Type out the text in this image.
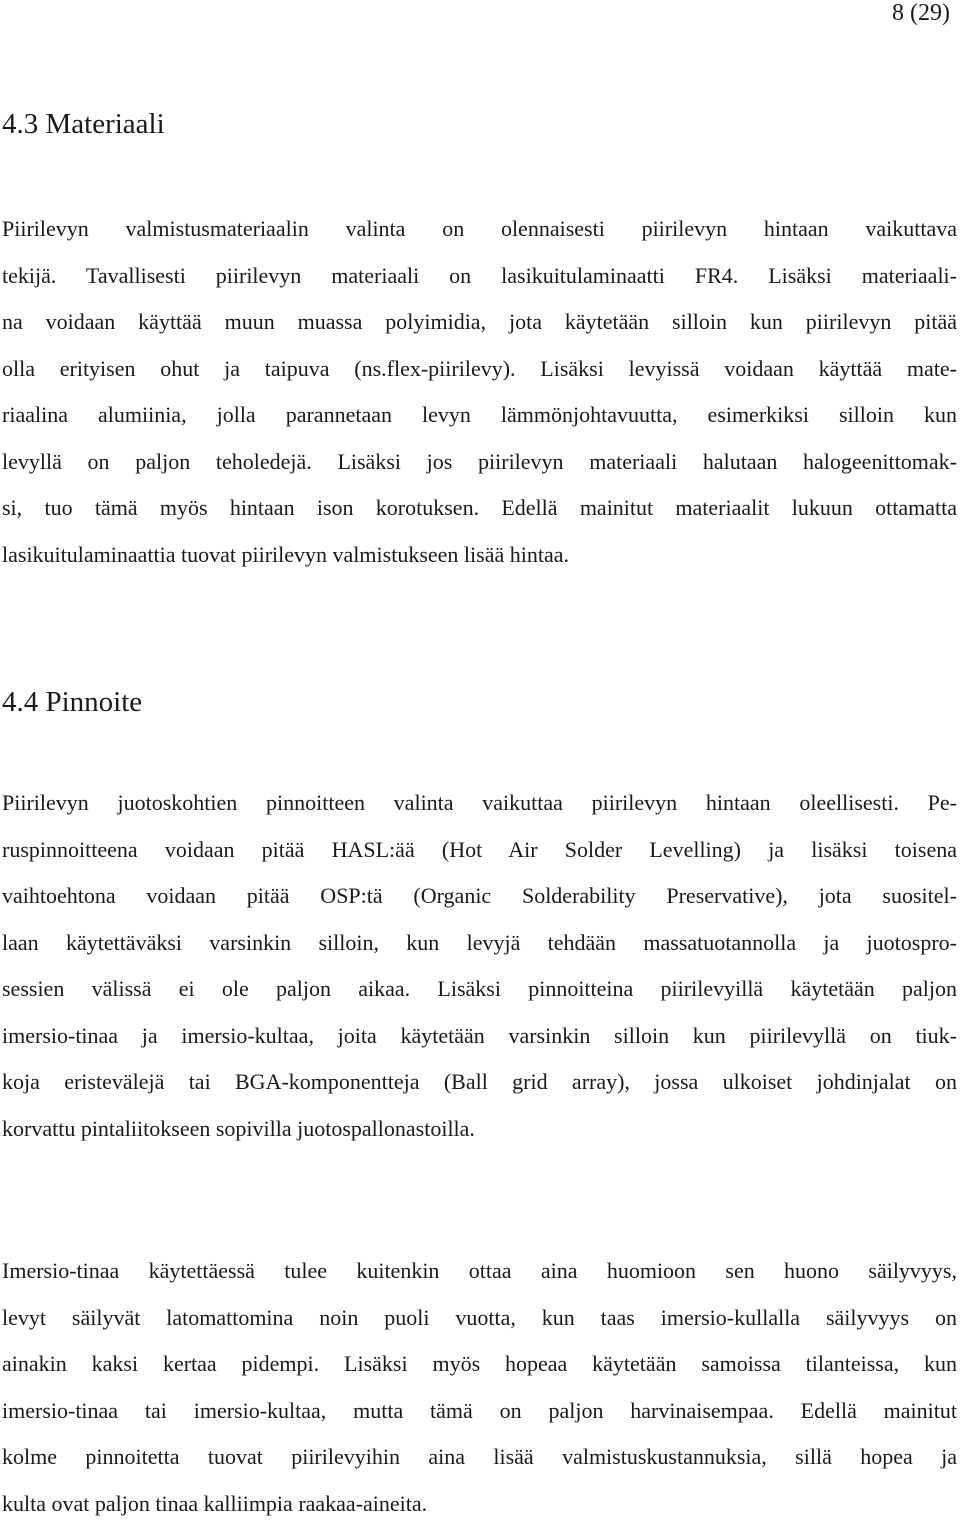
8 (29)
4.3 Materiaali
Piirilevyn valmistusmateriaalin valinta on olennaisesti piirilevyn hintaan vaikuttava
tekijä. Tavallisesti piirilevyn materiaali on lasikuitulaminaatti FR4. Lisäksi materiaali-
na voidaan käyttää muun muassa polyimidia, jota käytetään silloin kun piirilevyn pitää
olla erityisen ohut ja taipuva (ns.flex-piirilevy). Lisäksi levyissä voidaan käyttää mate-
riaalina alumiinia, jolla parannetaan levyn lämmönjohtavuutta, esimerkiksi silloin kun
levyllä on paljon teholedejä. Lisäksi jos piirilevyn materiaali halutaan halogeenittomak-
si, tuo tämä myös hintaan ison korotuksen. Edellä mainitut materiaalit lukuun ottamatta
lasikuitulaminaattia tuovat piirilevyn valmistukseen lisää hintaa.
4.4 Pinnoite
Piirilevyn juotoskohtien pinnoitteen valinta vaikuttaa piirilevyn hintaan oleellisesti. Pe-
ruspinnoitteena voidaan pitää HASL:ää (Hot Air Solder Levelling) ja lisäksi toisena
vaihtoehtona voidaan pitää OSP:tä (Organic Solderability Preservative), jota suositel-
laan käytettäväksi varsinkin silloin, kun levyjä tehdään massatuotannolla ja juotospro-
sessien välissä ei ole paljon aikaa. Lisäksi pinnoitteina piirilevyillä käytetään paljon
imersio-tinaa ja imersio-kultaa, joita käytetään varsinkin silloin kun piirilevyllä on tiuk-
koja eristevälejä tai BGA-komponentteja (Ball grid array), jossa ulkoiset johdinjalat on
korvattu pintaliitokseen sopivilla juotospallonastoilla.
Imersio-tinaa käytettäessä tulee kuitenkin ottaa aina huomioon sen huono säilyvyys,
levyt säilyvät latomattomina noin puoli vuotta, kun taas imersio-kullalla säilyvyys on
ainakin kaksi kertaa pidempi. Lisäksi myös hopeaa käytetään samoissa tilanteissa, kun
imersio-tinaa tai imersio-kultaa, mutta tämä on paljon harvinaisempaa. Edellä mainitut
kolme pinnoitetta tuovat piirilevyihin aina lisää valmistuskustannuksia, sillä hopea ja
kulta ovat paljon tinaa kalliimpia raakaa-aineita.
